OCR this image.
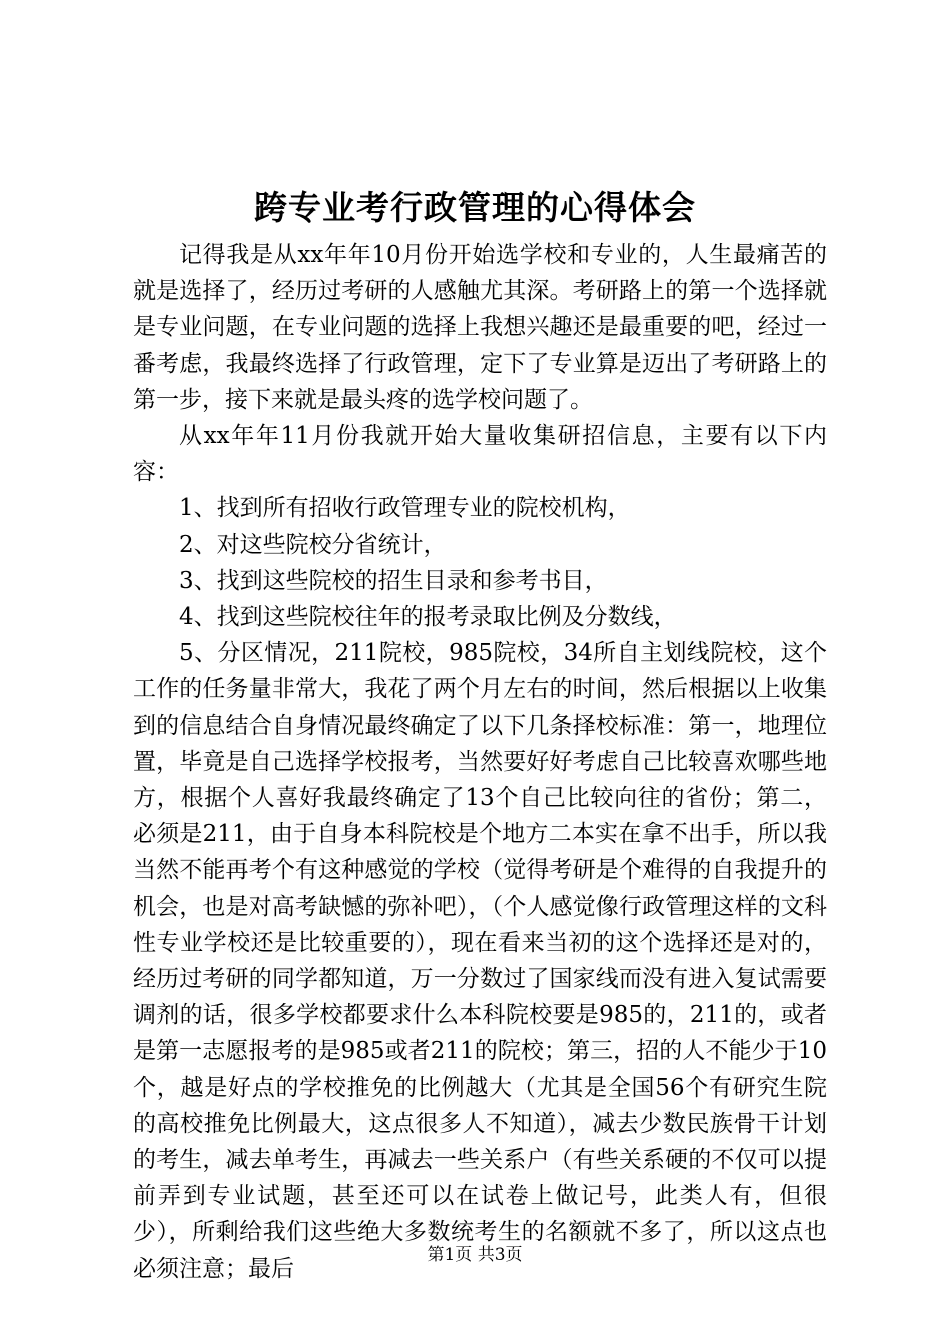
跨专业考行政管理的心得体会

记得我是从xx年年10月份开始选学校和专业的，人生最痛苦的就是选择了，经历过考研的人感触尤其深。考研路上的第一个选择就是专业问题，在专业问题的选择上我想兴趣还是最重要的吧，经过一番考虑，我最终选择了行政管理，定下了专业算是迈出了考研路上的第一步，接下来就是最头疼的选学校问题了。

从xx年年11月份我就开始大量收集研招信息，主要有以下内容：

1、找到所有招收行政管理专业的院校机构，

2、对这些院校分省统计，

3、找到这些院校的招生目录和参考书目，

4、找到这些院校往年的报考录取比例及分数线，

5、分区情况，211院校，985院校，34所自主划线院校，这个工作的任务量非常大，我花了两个月左右的时间，然后根据以上收集到的信息结合自身情况最终确定了以下几条择校标准：第一，地理位置，毕竟是自己选择学校报考，当然要好好考虑自己比较喜欢哪些地方，根据个人喜好我最终确定了13个自己比较向往的省份；第二，必须是211，由于自身本科院校是个地方二本实在拿不出手，所以我当然不能再考个有这种感觉的学校（觉得考研是个难得的自我提升的机会，也是对高考缺憾的弥补吧），（个人感觉像行政管理这样的文科性专业学校还是比较重要的），现在看来当初的这个选择还是对的，经历过考研的同学都知道，万一分数过了国家线而没有进入复试需要调剂的话，很多学校都要求什么本科院校要是985的，211的，或者是第一志愿报考的是985或者211的院校；第三，招的人不能少于10个，越是好点的学校推免的比例越大（尤其是全国56个有研究生院的高校推免比例最大，这点很多人不知道），减去少数民族骨干计划的考生，减去单考生，再减去一些关系户（有些关系硬的不仅可以提前弄到专业试题，甚至还可以在试卷上做记号，此类人有，但很少），所剩给我们这些绝大多数统考生的名额就不多了，所以这点也必须注意；最后

第1页 共3页
